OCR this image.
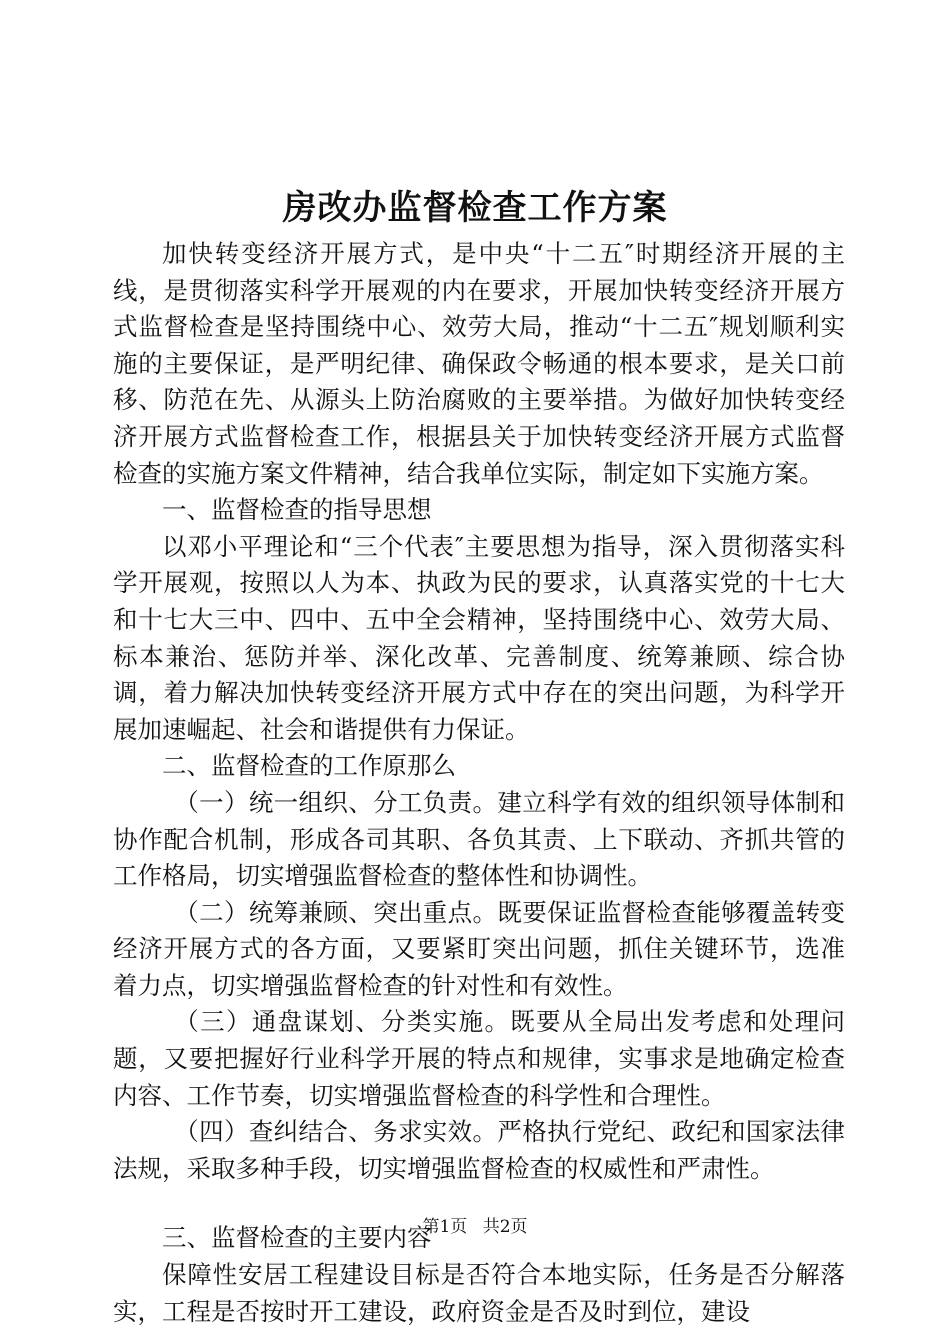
房改办监督检查工作方案

加快转变经济开展方式，是中央“十二五″时期经济开展的主线，是贯彻落实科学开展观的内在要求，开展加快转变经济开展方式监督检查是坚持围绕中心、效劳大局，推动“十二五″规划顺利实施的主要保证，是严明纪律、确保政令畅通的根本要求，是关口前移、防范在先、从源头上防治腐败的主要举措。为做好加快转变经济开展方式监督检查工作，根据县关于加快转变经济开展方式监督检查的实施方案文件精神，结合我单位实际，制定如下实施方案。

一、监督检查的指导思想

以邓小平理论和“三个代表″主要思想为指导，深入贯彻落实科学开展观，按照以人为本、执政为民的要求，认真落实党的十七大和十七大三中、四中、五中全会精神，坚持围绕中心、效劳大局、标本兼治、惩防并举、深化改革、完善制度、统筹兼顾、综合协调，着力解决加快转变经济开展方式中存在的突出问题，为科学开展加速崛起、社会和谐提供有力保证。

二、监督检查的工作原那么

（一）统一组织、分工负责。建立科学有效的组织领导体制和协作配合机制，形成各司其职、各负其责、上下联动、齐抓共管的工作格局，切实增强监督检查的整体性和协调性。

（二）统筹兼顾、突出重点。既要保证监督检查能够覆盖转变经济开展方式的各方面，又要紧盯突出问题，抓住关键环节，选准着力点，切实增强监督检查的针对性和有效性。

（三）通盘谋划、分类实施。既要从全局出发考虑和处理问题，又要把握好行业科学开展的特点和规律，实事求是地确定检查内容、工作节奏，切实增强监督检查的科学性和合理性。

（四）查纠结合、务求实效。严格执行党纪、政纪和国家法律法规，采取多种手段，切实增强监督检查的权威性和严肃性。

三、监督检查的主要内容

保障性安居工程建设目标是否符合本地实际，任务是否分解落实，工程是否按时开工建设，政府资金是否及时到位，建设

第1页 共2页
